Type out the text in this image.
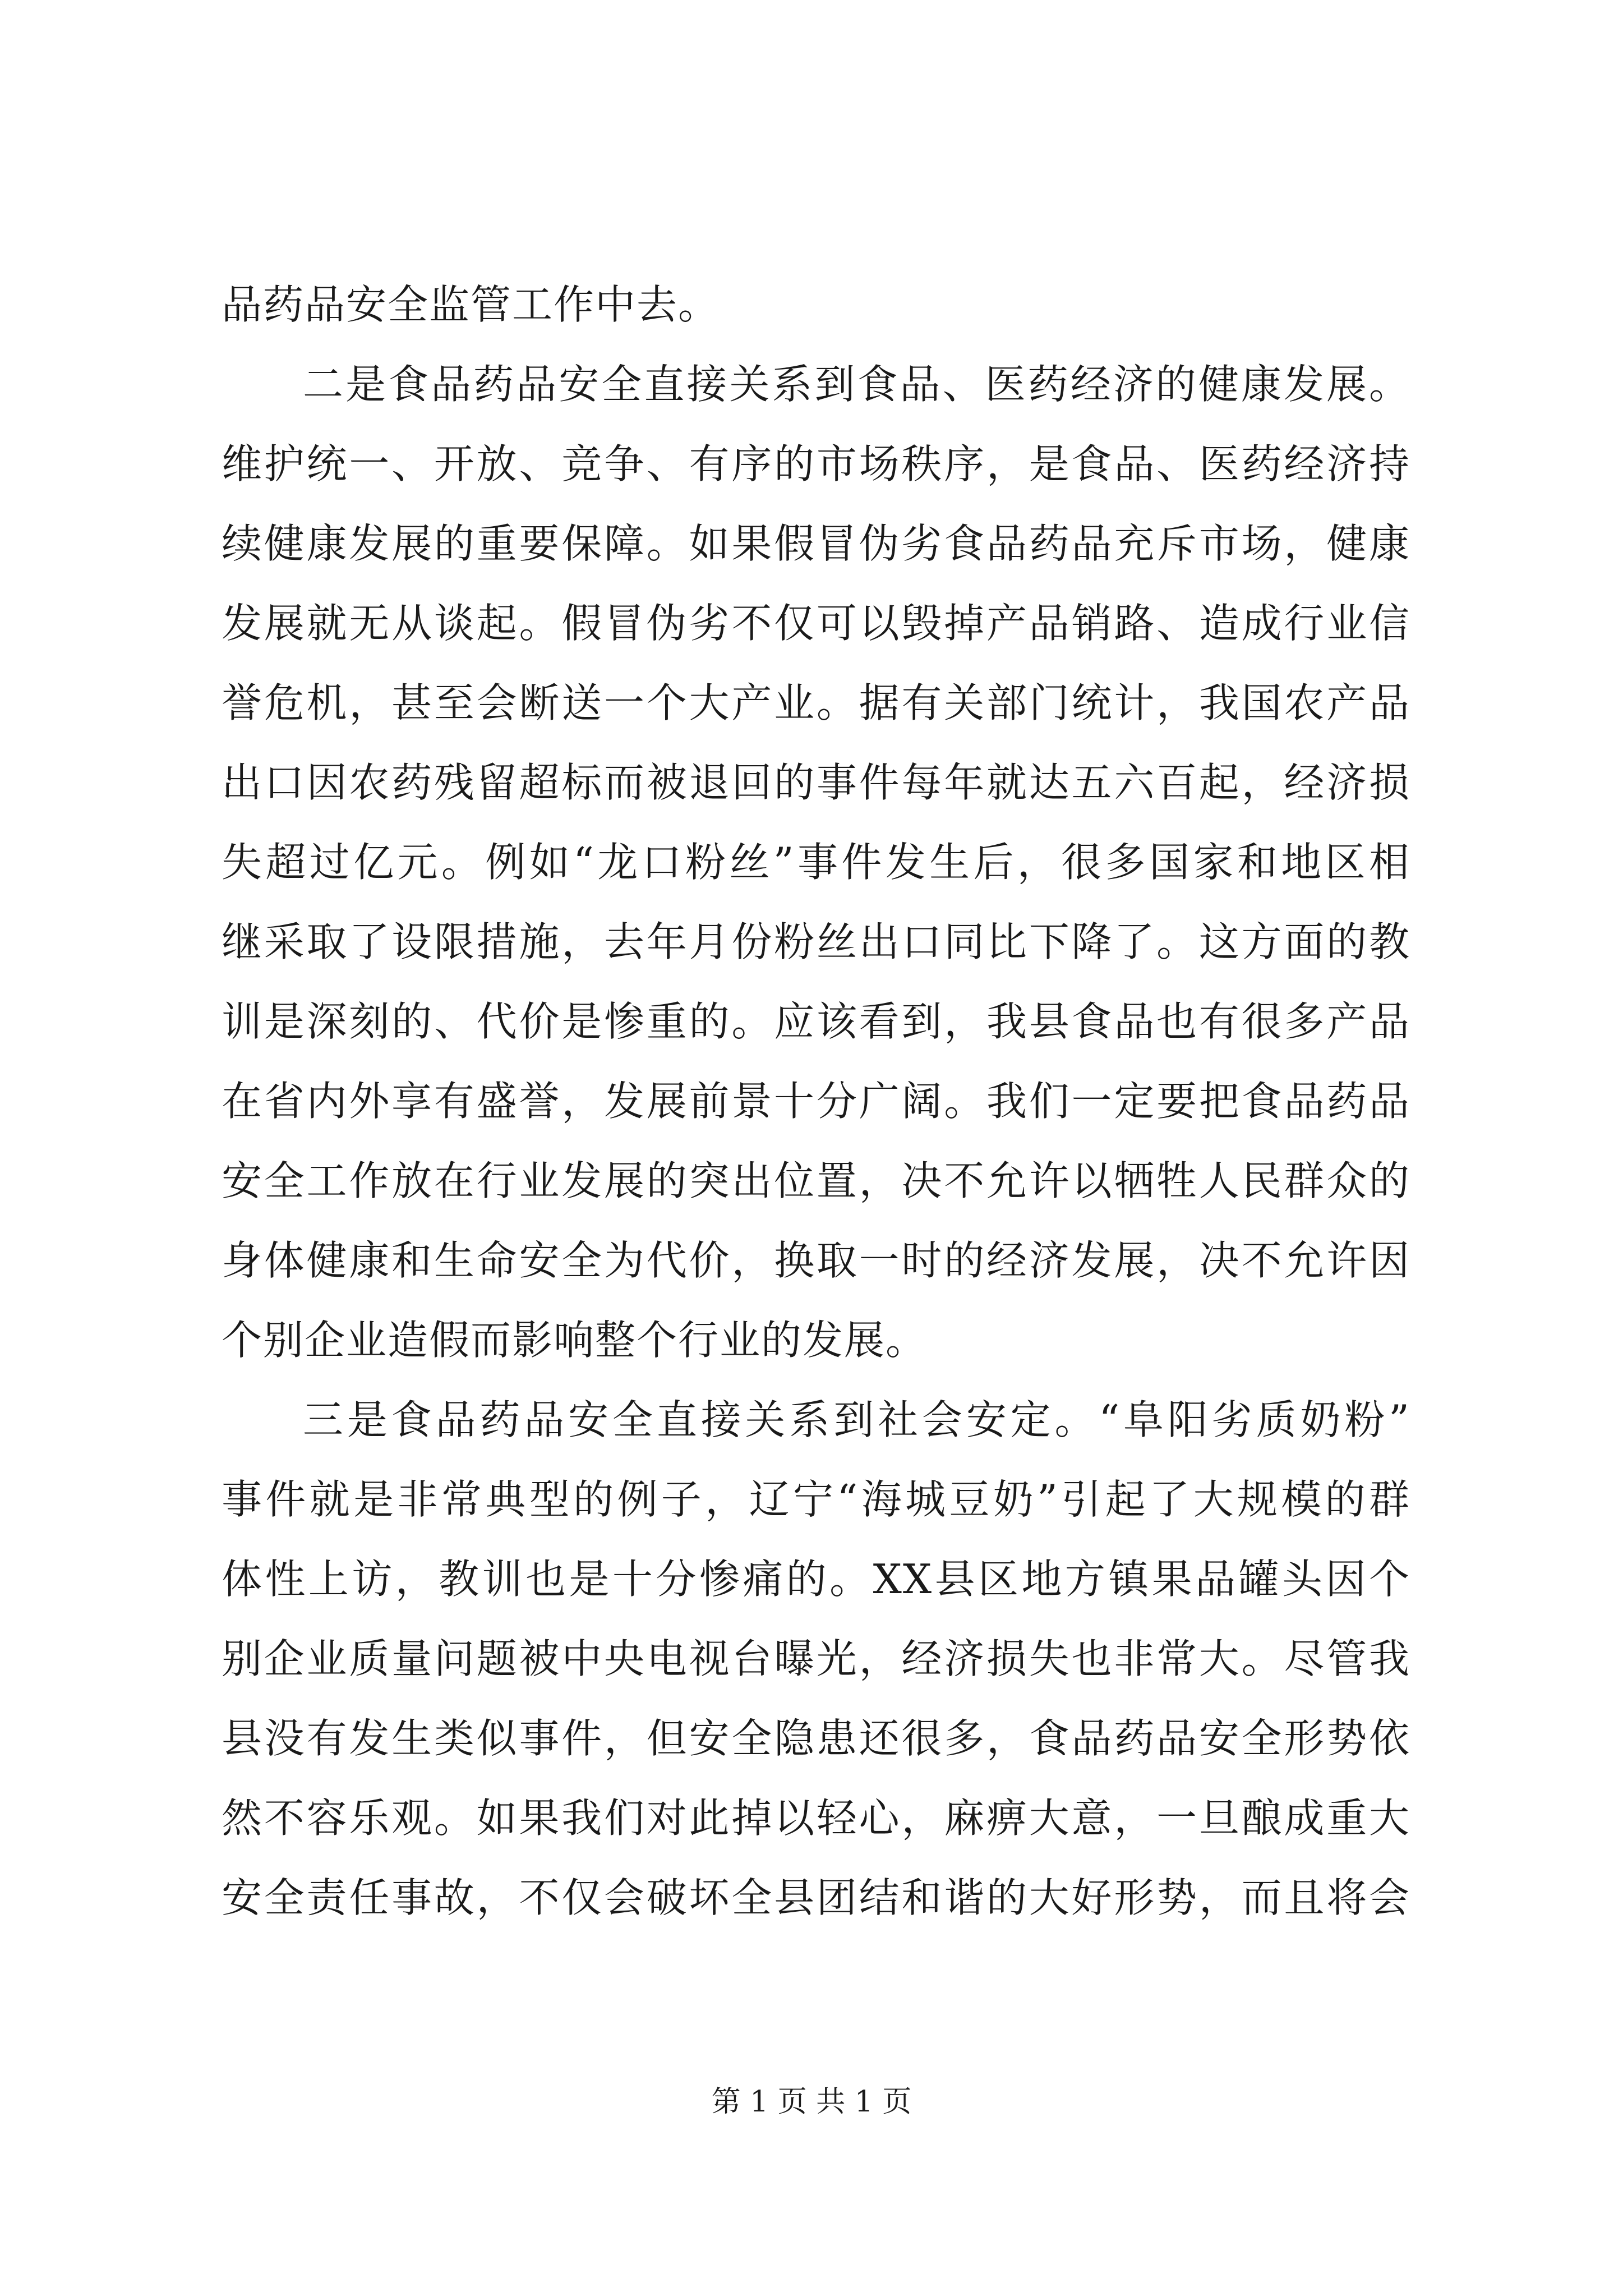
品药品安全监管工作中去。
二是食品药品安全直接关系到食品、医药经济的健康发展。
维护统一、开放、竞争、有序的市场秩序，是食品、医药经济持
续健康发展的重要保障。如果假冒伪劣食品药品充斥市场，健康
发展就无从谈起。假冒伪劣不仅可以毁掉产品销路、造成行业信
誉危机，甚至会断送一个大产业。据有关部门统计，我国农产品
出口因农药残留超标而被退回的事件每年就达五六百起，经济损
失超过亿元。例如“龙口粉丝”事件发生后，很多国家和地区相
继采取了设限措施，去年月份粉丝出口同比下降了。这方面的教
训是深刻的、代价是惨重的。应该看到，我县食品也有很多产品
在省内外享有盛誉，发展前景十分广阔。我们一定要把食品药品
安全工作放在行业发展的突出位置，决不允许以牺牲人民群众的
身体健康和生命安全为代价，换取一时的经济发展，决不允许因
个别企业造假而影响整个行业的发展。
三是食品药品安全直接关系到社会安定。“阜阳劣质奶粉”
事件就是非常典型的例子，辽宁“海城豆奶”引起了大规模的群
体性上访，教训也是十分惨痛的。XX县区地方镇果品罐头因个
别企业质量问题被中央电视台曝光，经济损失也非常大。尽管我
县没有发生类似事件，但安全隐患还很多，食品药品安全形势依
然不容乐观。如果我们对此掉以轻心，麻痹大意，一旦酿成重大
安全责任事故，不仅会破坏全县团结和谐的大好形势，而且将会
第 1 页 共 1 页
